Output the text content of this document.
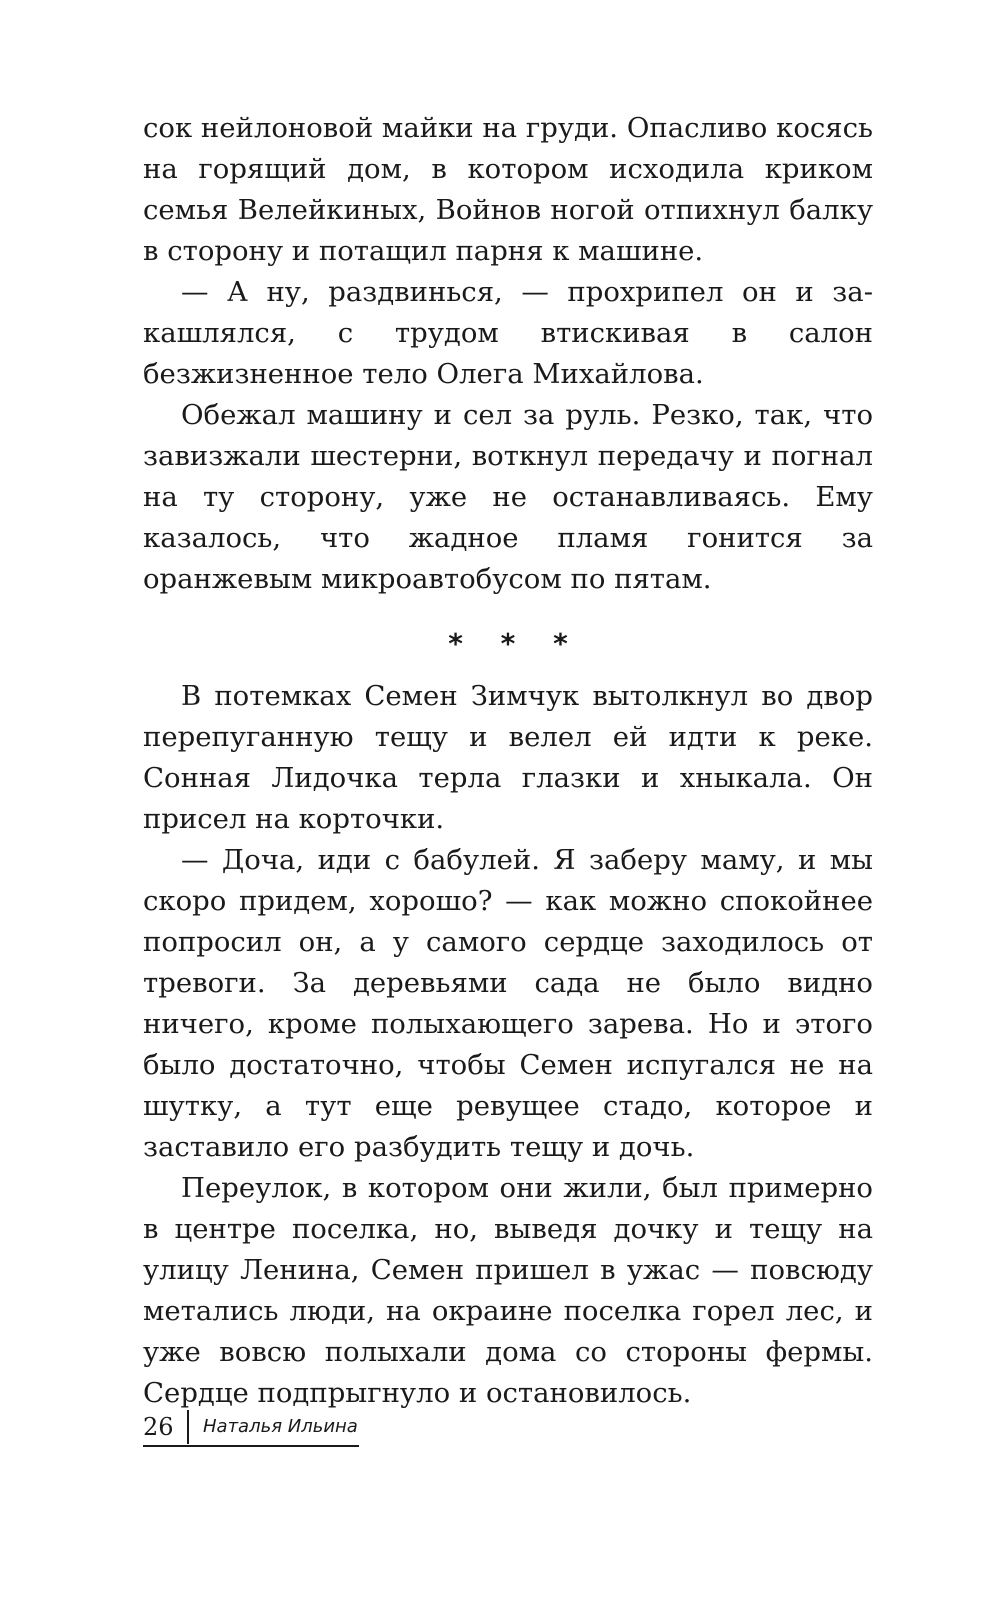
сок нейлоновой майки на груди. Опасливо косясь на горящий дом, в котором исходила криком семья Велейкиных, Войнов ногой отпихнул балку в сторону и потащил парня к машине.

— А ну, раздвинься, — прохрипел он и закашлялся, с трудом втискивая в салон безжизненное тело Олега Михайлова.

Обежал машину и сел за руль. Резко, так, что завизжали шестерни, воткнул передачу и погнал на ту сторону, уже не останавливаясь. Ему казалось, что жадное пламя гонится за оранжевым микроавтобусом по пятам.

* * *

В потемках Семен Зимчук вытолкнул во двор перепуганную тещу и велел ей идти к реке. Сонная Лидочка терла глазки и хныкала. Он присел на корточки.

— Доча, иди с бабулей. Я заберу маму, и мы скоро придем, хорошо? — как можно спокойнее попросил он, а у самого сердце заходилось от тревоги. За деревьями сада не было видно ничего, кроме полыхающего зарева. Но и этого было достаточно, чтобы Семен испугался не на шутку, а тут еще ревущее стадо, которое и заставило его разбудить тещу и дочь.

Переулок, в котором они жили, был примерно в центре поселка, но, выведя дочку и тещу на улицу Ленина, Семен пришел в ужас — повсюду метались люди, на окраине поселка горел лес, и уже вовсю полыхали дома со стороны фермы. Сердце подпрыгнуло и остановилось.

26	Наталья Ильина
